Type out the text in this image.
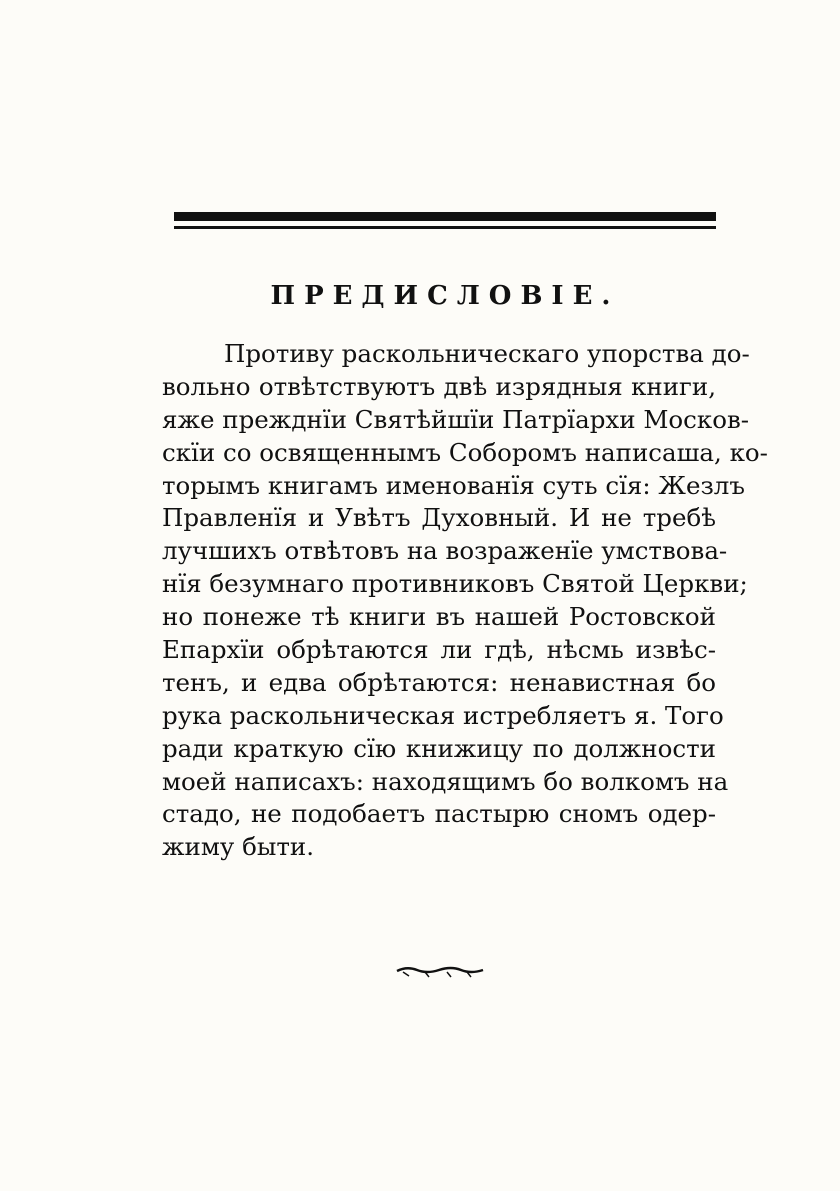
ПРЕДИСЛОВІЕ.
Противу раскольническаго упорства до-
вольно отвѣтствуютъ двѣ изрядныя книги,
яже прежднїи Святѣйшїи Патрїархи Москов-
скїи со освященнымъ Соборомъ написаша, ко-
торымъ книгамъ именованїя суть сїя: Жезлъ
Правленїя и Увѣтъ Духовный. И не требѣ
лучшихъ отвѣтовъ на возраженїе умствова-
нїя безумнаго противниковъ Святой Церкви;
но понеже тѣ книги въ нашей Ростовской
Епархїи обрѣтаются ли гдѣ, нѣсмь извѣс-
тенъ, и едва обрѣтаются: ненавистная бо
рука раскольническая истребляетъ я. Того
ради краткую сїю книжицу по должности
моей написахъ: находящимъ бо волкомъ на
стадо, не подобаетъ пастырю сномъ одер-
жиму быти.
